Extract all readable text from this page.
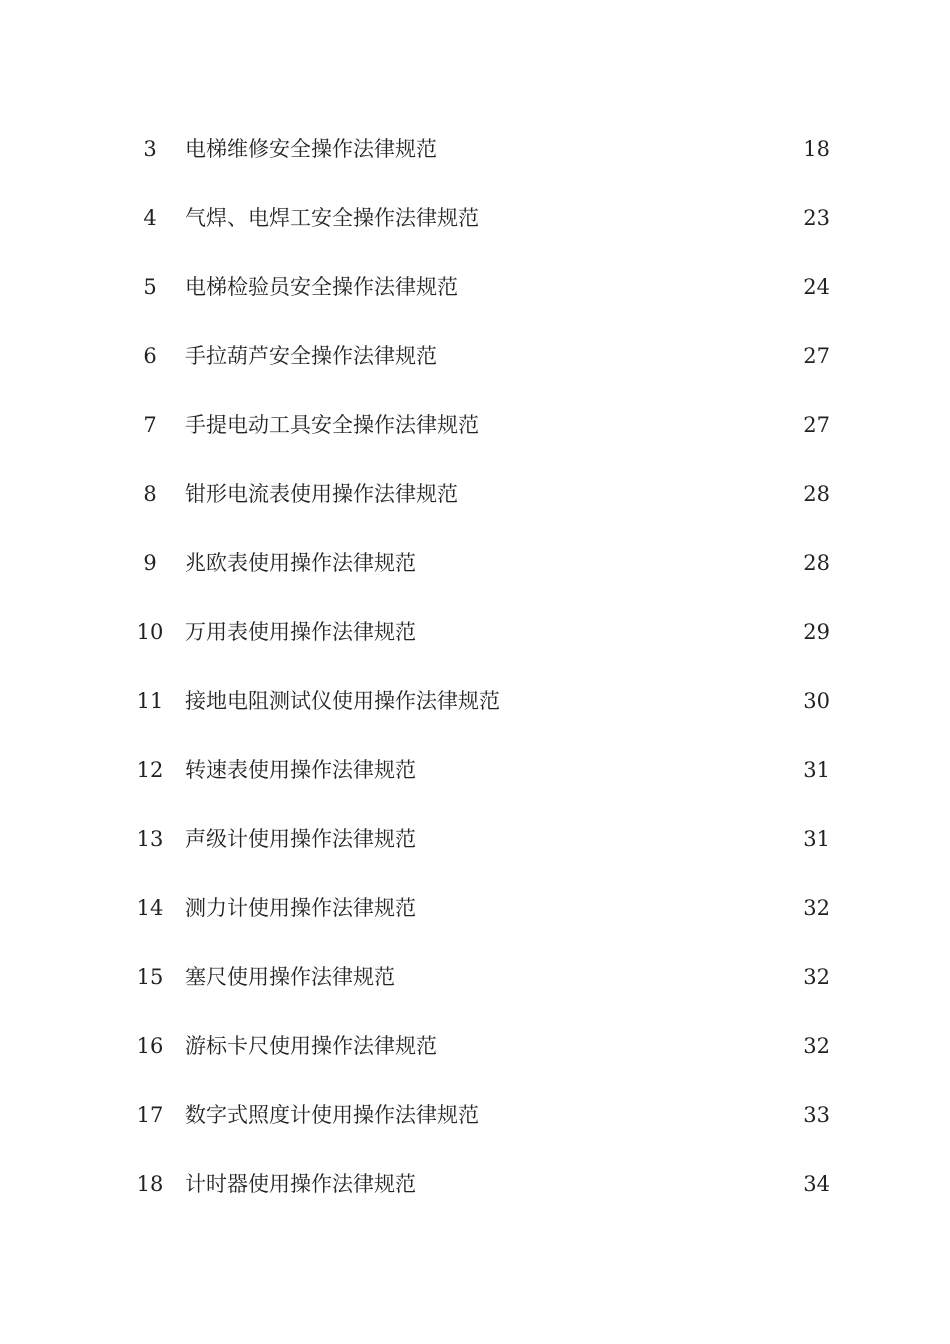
3	电梯维修安全操作法律规范	18
4	气焊、电焊工安全操作法律规范	23
5	电梯检验员安全操作法律规范	24
6	手拉葫芦安全操作法律规范	27
7	手提电动工具安全操作法律规范	27
8	钳形电流表使用操作法律规范	28
9	兆欧表使用操作法律规范	28
10	万用表使用操作法律规范	29
11	接地电阻测试仪使用操作法律规范	30
12	转速表使用操作法律规范	31
13	声级计使用操作法律规范	31
14	测力计使用操作法律规范	32
15	塞尺使用操作法律规范	32
16	游标卡尺使用操作法律规范	32
17	数字式照度计使用操作法律规范	33
18	计时器使用操作法律规范	34
